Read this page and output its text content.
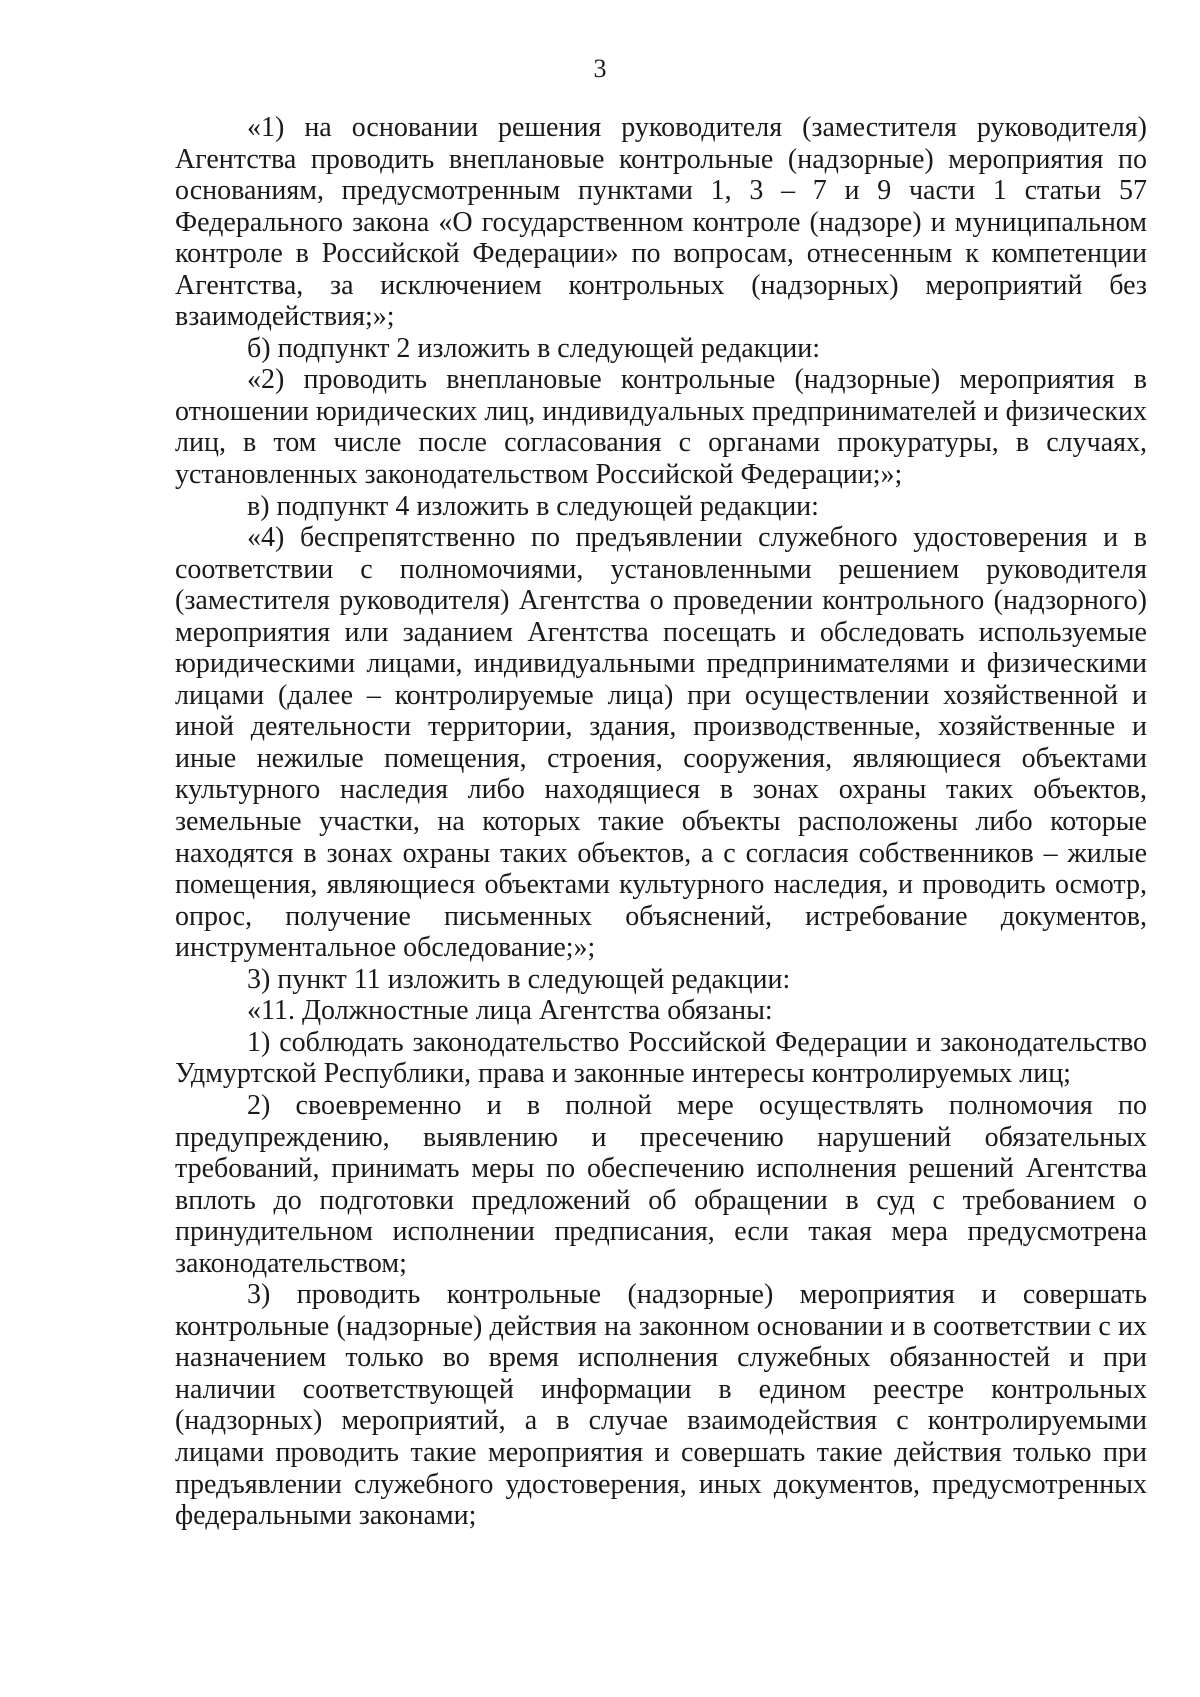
3

«1) на основании решения руководителя (заместителя руководителя) Агентства проводить внеплановые контрольные (надзорные) мероприятия по основаниям, предусмотренным пунктами 1, 3 – 7 и 9 части 1 статьи 57 Федерального закона «О государственном контроле (надзоре) и муниципальном контроле в Российской Федерации» по вопросам, отнесенным к компетенции Агентства, за исключением контрольных (надзорных) мероприятий без взаимодействия;»;

б) подпункт 2 изложить в следующей редакции:

«2) проводить внеплановые контрольные (надзорные) мероприятия в отношении юридических лиц, индивидуальных предпринимателей и физических лиц, в том числе после согласования с органами прокуратуры, в случаях, установленных законодательством Российской Федерации;»;

в) подпункт 4 изложить в следующей редакции:

«4) беспрепятственно по предъявлении служебного удостоверения и в соответствии с полномочиями, установленными решением руководителя (заместителя руководителя) Агентства о проведении контрольного (надзорного) мероприятия или заданием Агентства посещать и обследовать используемые юридическими лицами, индивидуальными предпринимателями и физическими лицами (далее – контролируемые лица) при осуществлении хозяйственной и иной деятельности территории, здания, производственные, хозяйственные и иные нежилые помещения, строения, сооружения, являющиеся объектами культурного наследия либо находящиеся в зонах охраны таких объектов, земельные участки, на которых такие объекты расположены либо которые находятся в зонах охраны таких объектов, а с согласия собственников – жилые помещения, являющиеся объектами культурного наследия, и проводить осмотр, опрос, получение письменных объяснений, истребование документов, инструментальное обследование;»;

3) пункт 11 изложить в следующей редакции:

«11. Должностные лица Агентства обязаны:

1) соблюдать законодательство Российской Федерации и законодательство Удмуртской Республики, права и законные интересы контролируемых лиц;

2) своевременно и в полной мере осуществлять полномочия по предупреждению, выявлению и пресечению нарушений обязательных требований, принимать меры по обеспечению исполнения решений Агентства вплоть до подготовки предложений об обращении в суд с требованием о принудительном исполнении предписания, если такая мера предусмотрена законодательством;

3) проводить контрольные (надзорные) мероприятия и совершать контрольные (надзорные) действия на законном основании и в соответствии с их назначением только во время исполнения служебных обязанностей и при наличии соответствующей информации в едином реестре контрольных (надзорных) мероприятий, а в случае взаимодействия с контролируемыми лицами проводить такие мероприятия и совершать такие действия только при предъявлении служебного удостоверения, иных документов, предусмотренных федеральными законами;
